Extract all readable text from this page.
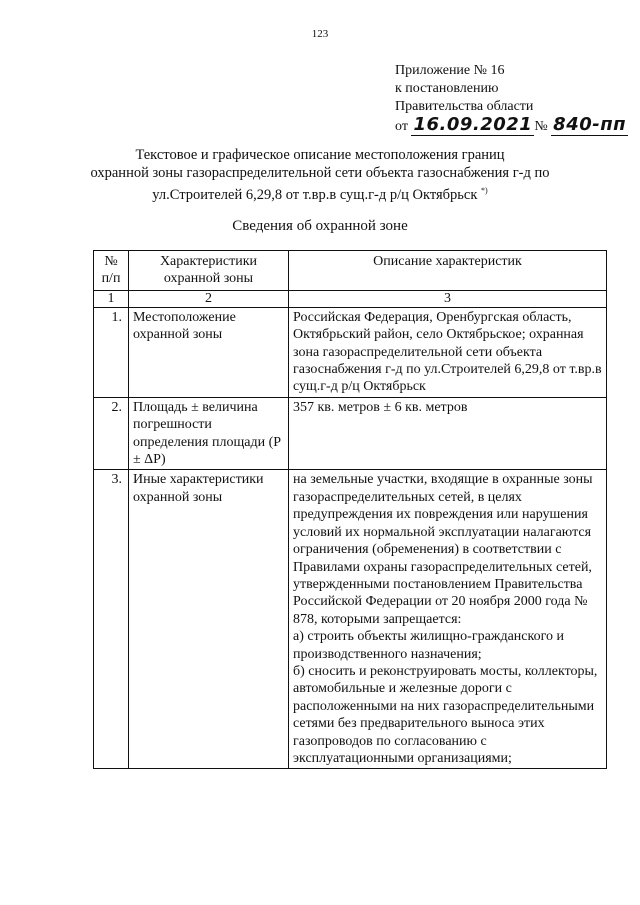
123
Приложение № 16
к постановлению
Правительства области
от 16.09.2021 № 840-пп
Текстовое и графическое описание местоположения границ
охранной зоны газораспределительной сети объекта газоснабжения г-д по
ул.Строителей 6,29,8 от т.вр.в сущ.г-д р/ц Октябрьск *)
Сведения об охранной зоне
№ п/п	Характеристики охранной зоны	Описание характеристик
1	2	3
1.	Местоположение охранной зоны	Российская Федерация, Оренбургская область, Октябрьский район, село Октябрьское; охранная зона газораспределительной сети объекта газоснабжения г-д по ул.Строителей 6,29,8 от т.вр.в сущ.г-д р/ц Октябрьск
2.	Площадь ± величина погрешности определения площади (P ± ΔP)	357 кв. метров ± 6 кв. метров
3.	Иные характеристики охранной зоны	на земельные участки, входящие в охранные зоны газораспределительных сетей, в целях предупреждения их повреждения или нарушения условий их нормальной эксплуатации налагаются ограничения (обременения) в соответствии с Правилами охраны газораспределительных сетей, утвержденными постановлением Правительства Российской Федерации от 20 ноября 2000 года № 878, которыми запрещается:
а) строить объекты жилищно-гражданского и производственного назначения;
б) сносить и реконструировать мосты, коллекторы, автомобильные и железные дороги с расположенными на них газораспределительными сетями без предварительного выноса этих газопроводов по согласованию с эксплуатационными организациями;
